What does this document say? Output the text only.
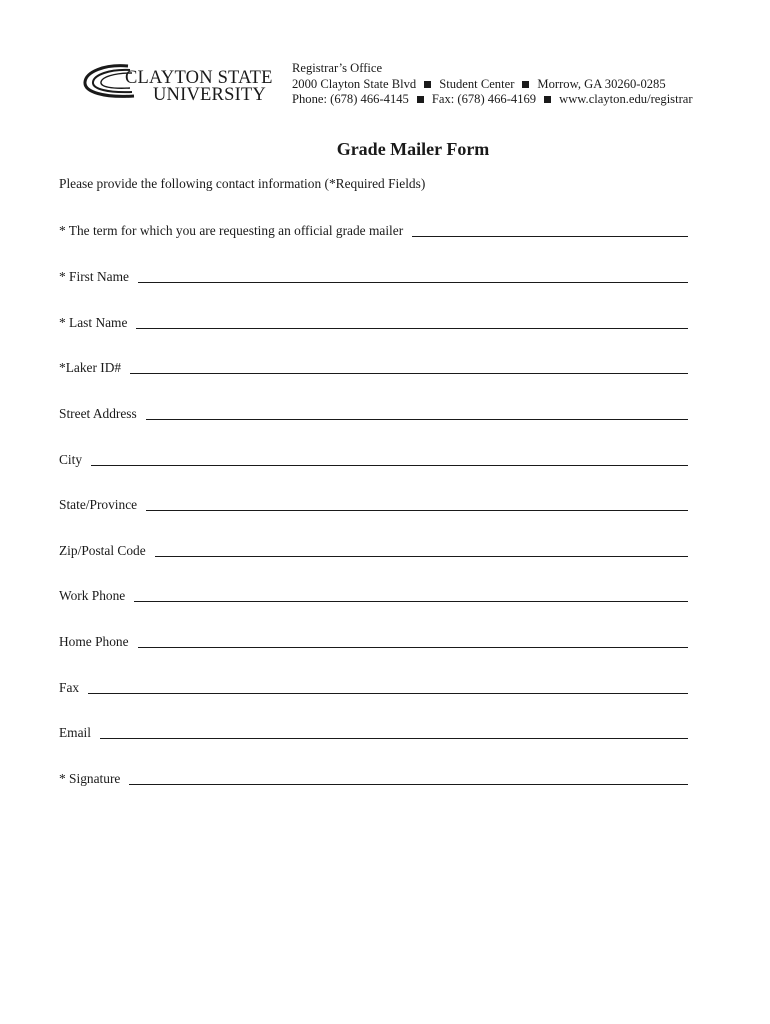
CLAYTON STATE
UNIVERSITY
Registrar’s Office
2000 Clayton State Blvd Student Center Morrow, GA 30260-0285
Phone: (678) 466-4145 Fax: (678) 466-4169 www.clayton.edu/registrar
Grade Mailer Form
Please provide the following contact information (*Required Fields)
* The term for which you are requesting an official grade mailer
* First Name
* Last Name
*Laker ID#
Street Address
City
State/Province
Zip/Postal Code
Work Phone
Home Phone
Fax
Email
* Signature
